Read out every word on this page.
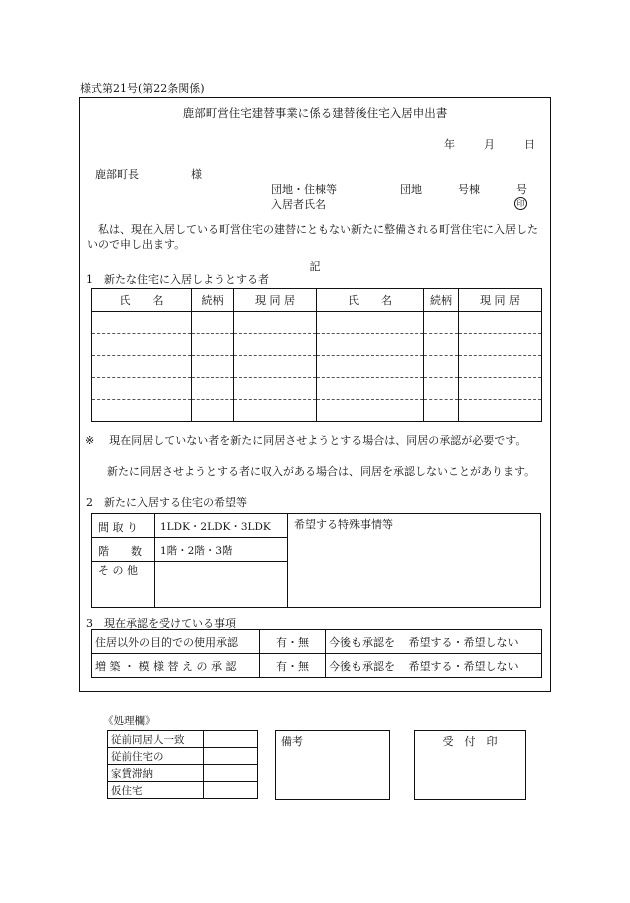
様式第21号(第22条関係)
鹿部町営住宅建替事業に係る建替後住宅入居申出書
年	月	日
鹿部町長	様
団地・住棟等	団地	号棟	号
入居者氏名	印
私は、現在入居している町営住宅の建替にともない新たに整備される町営住宅に入居したいので申し出ます。
記
1　新たな住宅に入居しようとする者
氏　　名	続柄	現 同 居	氏　　名	続柄	現 同 居

※ 現在同居していない者を新たに同居させようとする場合は、同居の承認が必要です。
新たに同居させようとする者に収入がある場合は、同居を承認しないことがあります。
2　新たに入居する住宅の希望等
間 取 り 1LDK・2LDK・3LDK
階　　数 1階・2階・3階
そ の 他
希望する特殊事情等
3　現在承認を受けている事項
住居以外の目的での使用承認	有・無	今後も承認を	希望する・希望しない
増 築 ・ 模 様 替 え の 承 認	有・無	今後も承認を	希望する・希望しない
《処理欄》
従前同居人一致	
従前住宅の	
家賃滞納	
仮住宅	
備考	受　付　印
